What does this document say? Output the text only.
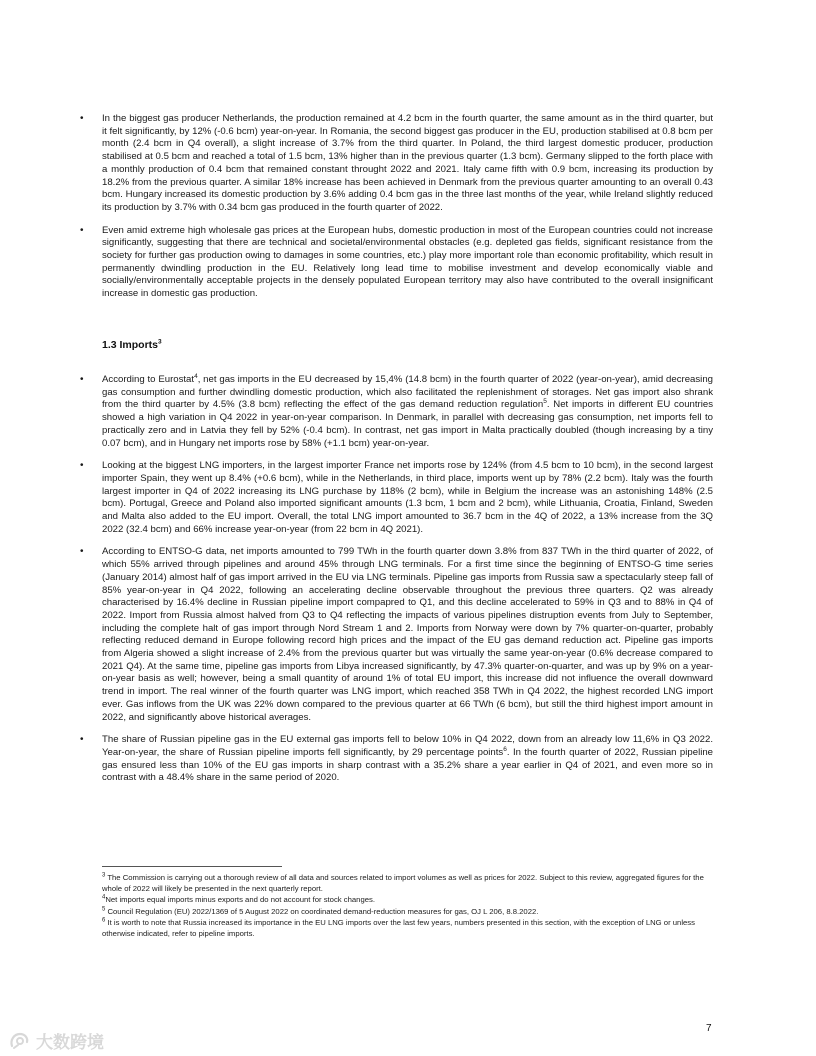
• In the biggest gas producer Netherlands, the production remained at 4.2 bcm in the fourth quarter, the same amount as in the third quarter, but it felt significantly, by 12% (-0.6 bcm) year-on-year. In Romania, the second biggest gas producer in the EU, production stabilised at 0.8 bcm per month (2.4 bcm in Q4 overall), a slight increase of 3.7% from the third quarter. In Poland, the third largest domestic producer, production stabilised at 0.5 bcm and reached a total of 1.5 bcm, 13% higher than in the previous quarter (1.3 bcm). Germany slipped to the forth place with a monthly production of 0.4 bcm that remained constant throught 2022 and 2021. Italy came fifth with 0.9 bcm, increasing its production by 18.2% from the previous quarter. A similar 18% increase has been achieved in Denmark from the previous quarter amounting to an overall 0.43 bcm. Hungary increased its domestic production by 3.6% adding 0.4 bcm gas in the three last months of the year, while Ireland slightly reduced its production by 3.7% with 0.34 bcm gas produced in the fourth quarter of 2022.
• Even amid extreme high wholesale gas prices at the European hubs, domestic production in most of the European countries could not increase significantly, suggesting that there are technical and societal/environmental obstacles (e.g. depleted gas fields, significant resistance from the society for further gas production owing to damages in some countries, etc.) play more important role than economic profitability, which result in permanently dwindling production in the EU. Relatively long lead time to mobilise investment and develop economically viable and socially/environmentally acceptable projects in the densely populated European territory may also have contributed to the overall insignificant increase in domestic gas production.
1.3 Imports$^3$
• According to Eurostat$^4$, net gas imports in the EU decreased by 15,4% (14.8 bcm) in the fourth quarter of 2022 (year-on-year), amid decreasing gas consumption and further dwindling domestic production, which also facilitated the replenishment of storages. Net gas import also shrank from the third quarter by 4.5% (3.8 bcm) reflecting the effect of the gas demand reduction regulation$^5$. Net imports in different EU countries showed a high variation in Q4 2022 in year-on-year comparison. In Denmark, in parallel with decreasing gas consumption, net imports fell to practically zero and in Latvia they fell by 52% (-0.4 bcm). In contrast, net gas import in Malta practically doubled (though increasing by a tiny 0.07 bcm), and in Hungary net imports rose by 58% (+1.1 bcm) year-on-year.
• Looking at the biggest LNG importers, in the largest importer France net imports rose by 124% (from 4.5 bcm to 10 bcm), in the second largest importer Spain, they went up 8.4% (+0.6 bcm), while in the Netherlands, in third place, imports went up by 78% (2.2 bcm). Italy was the fourth largest importer in Q4 of 2022 increasing its LNG purchase by 118% (2 bcm), while in Belgium the increase was an astonishing 148% (2.5 bcm). Portugal, Greece and Poland also imported significant amounts (1.3 bcm, 1 bcm and 2 bcm), while Lithuania, Croatia, Finland, Sweden and Malta also added to the EU import. Overall, the total LNG import amounted to 36.7 bcm in the 4Q of 2022, a 13% increase from the 3Q 2022 (32.4 bcm) and 66% increase year-on-year (from 22 bcm in 4Q 2021).
• According to ENTSO-G data, net imports amounted to 799 TWh in the fourth quarter down 3.8% from 837 TWh in the third quarter of 2022, of which 55% arrived through pipelines and around 45% through LNG terminals. For a first time since the beginning of ENTSO-G time series (January 2014) almost half of gas import arrived in the EU via LNG terminals. Pipeline gas imports from Russia saw a spectacularly steep fall of 85% year-on-year in Q4 2022, following an accelerating decline observable throughout the previous three quarters. Q2 was already characterised by 16.4% decline in Russian pipeline import compapred to Q1, and this decline accelerated to 59% in Q3 and to 88% in Q4 of 2022. Import from Russia almost halved from Q3 to Q4 reflecting the impacts of various pipelines distruption events from July to September, including the complete halt of gas import through Nord Stream 1 and 2. Imports from Norway were down by 7% quarter-on-quarter, probably reflecting reduced demand in Europe following record high prices and the impact of the EU gas demand reduction act. Pipeline gas imports from Algeria showed a slight increase of 2.4% from the previous quarter but was virtually the same year-on-year (0.6% decrease compared to 2021 Q4). At the same time, pipeline gas imports from Libya increased significantly, by 47.3% quarter-on-quarter, and was up by 9% on a year-on-year basis as well; however, being a small quantity of around 1% of total EU import, this increase did not influence the overall downward trend in import. The real winner of the fourth quarter was LNG import, which reached 358 TWh in Q4 2022, the highest recorded LNG import ever. Gas inflows from the UK was 22% down compared to the previous quarter at 66 TWh (6 bcm), but still the third highest import amount in 2022, and significantly above historical averages.
• The share of Russian pipeline gas in the EU external gas imports fell to below 10% in Q4 2022, down from an already low 11,6% in Q3 2022. Year-on-year, the share of Russian pipeline imports fell significantly, by 29 percentage points$^6$. In the fourth quarter of 2022, Russian pipeline gas ensured less than 10% of the EU gas imports in sharp contrast with a 35.2% share a year earlier in Q4 of 2021, and even more so in contrast with a 48.4% share in the same period of 2020.

$^3$ The Commission is carrying out a thorough review of all data and sources related to import volumes as well as prices for 2022. Subject to this review, aggregated figures for the whole of 2022 will likely be presented in the next quarterly report.

$^4$Net imports equal imports minus exports and do not account for stock changes.

$^5$ Council Regulation (EU) 2022/1369 of 5 August 2022 on coordinated demand-reduction measures for gas, OJ L 206, 8.8.2022.

$^6$ It is worth to note that Russia increased its importance in the EU LNG imports over the last few years, numbers presented in this section, with the exception of LNG or unless otherwise indicated, refer to pipeline imports.

7
大数跨境
